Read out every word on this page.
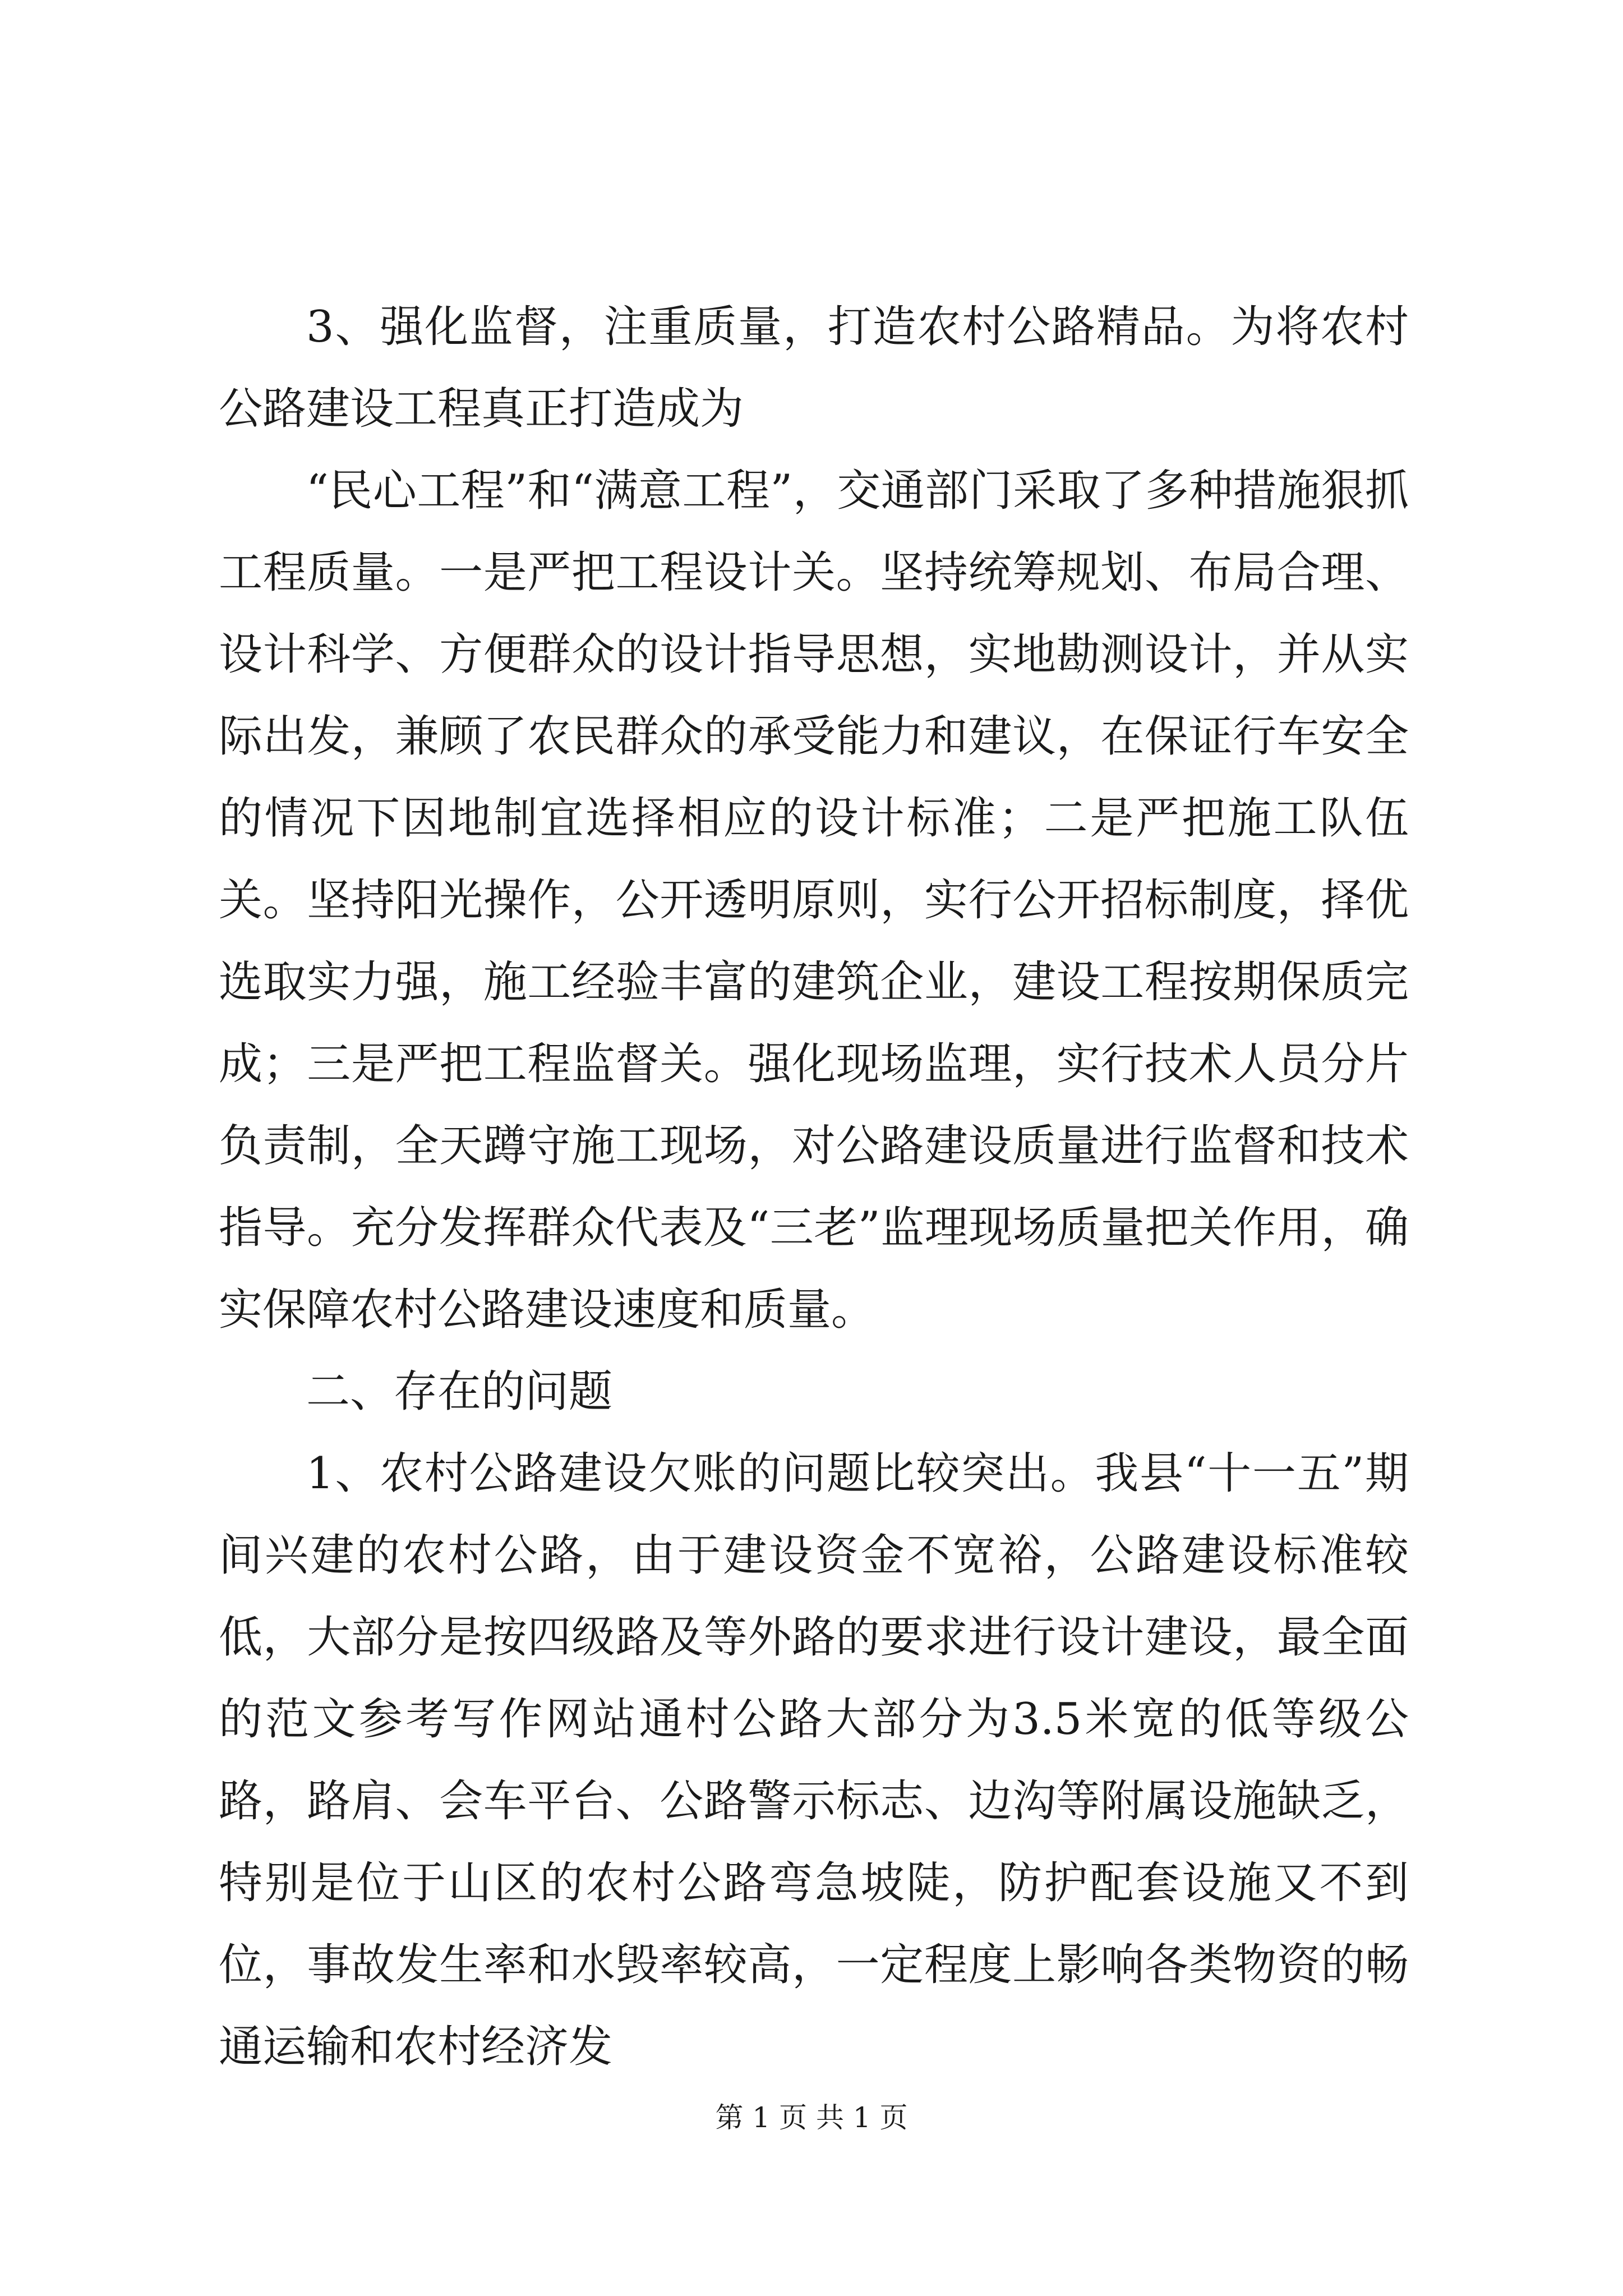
3、强化监督，注重质量，打造农村公路精品。为将农村公路建设工程真正打造成为

“民心工程”和“满意工程”，交通部门采取了多种措施狠抓工程质量。一是严把工程设计关。坚持统筹规划、布局合理、设计科学、方便群众的设计指导思想，实地勘测设计，并从实际出发，兼顾了农民群众的承受能力和建议，在保证行车安全的情况下因地制宜选择相应的设计标准；二是严把施工队伍关。坚持阳光操作，公开透明原则，实行公开招标制度，择优选取实力强，施工经验丰富的建筑企业，建设工程按期保质完成；三是严把工程监督关。强化现场监理，实行技术人员分片负责制，全天蹲守施工现场，对公路建设质量进行监督和技术指导。充分发挥群众代表及“三老”监理现场质量把关作用，确实保障农村公路建设速度和质量。

二、存在的问题

1、农村公路建设欠账的问题比较突出。我县“十一五”期间兴建的农村公路，由于建设资金不宽裕，公路建设标准较低，大部分是按四级路及等外路的要求进行设计建设，最全面的范文参考写作网站通村公路大部分为3.5米宽的低等级公路，路肩、会车平台、公路警示标志、边沟等附属设施缺乏，特别是位于山区的农村公路弯急坡陡，防护配套设施又不到位，事故发生率和水毁率较高，一定程度上影响各类物资的畅通运输和农村经济发

第 1 页 共 1 页
